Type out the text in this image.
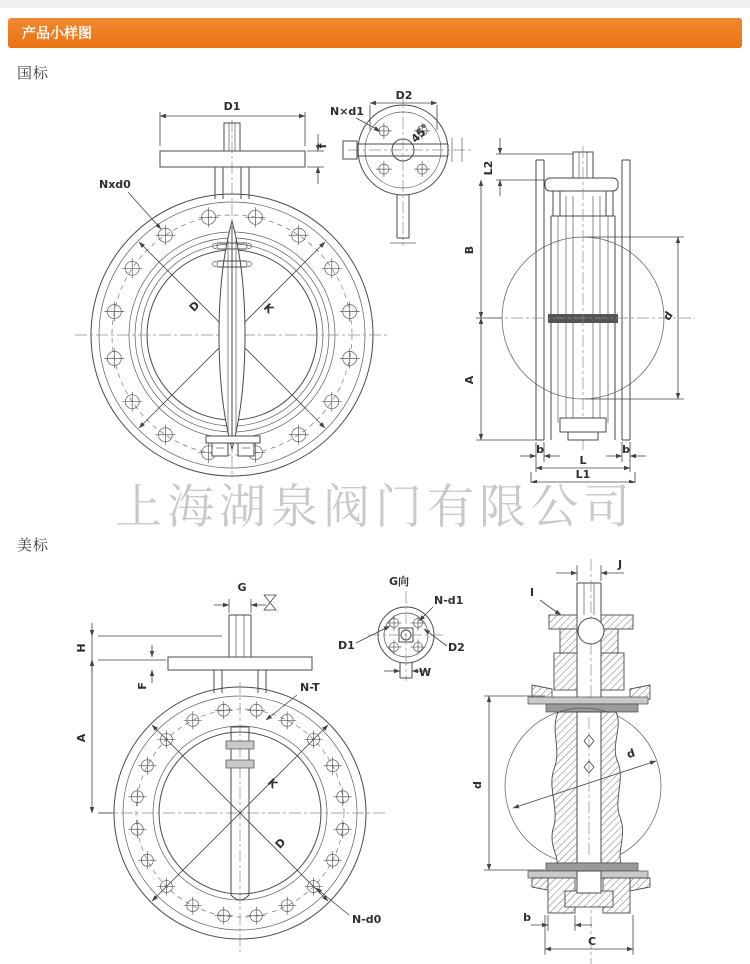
产品小样图
国标
上海湖泉阀门有限公司
美标
D	K
D1
f
Nxd0
D2
N×d1
45°
L2
B
A
d
b	b
L
L1
K
D
G
H
A
F	N-T
N-d0
G向
N-d1
D1	D2
W
J
I
d
d
b
C
